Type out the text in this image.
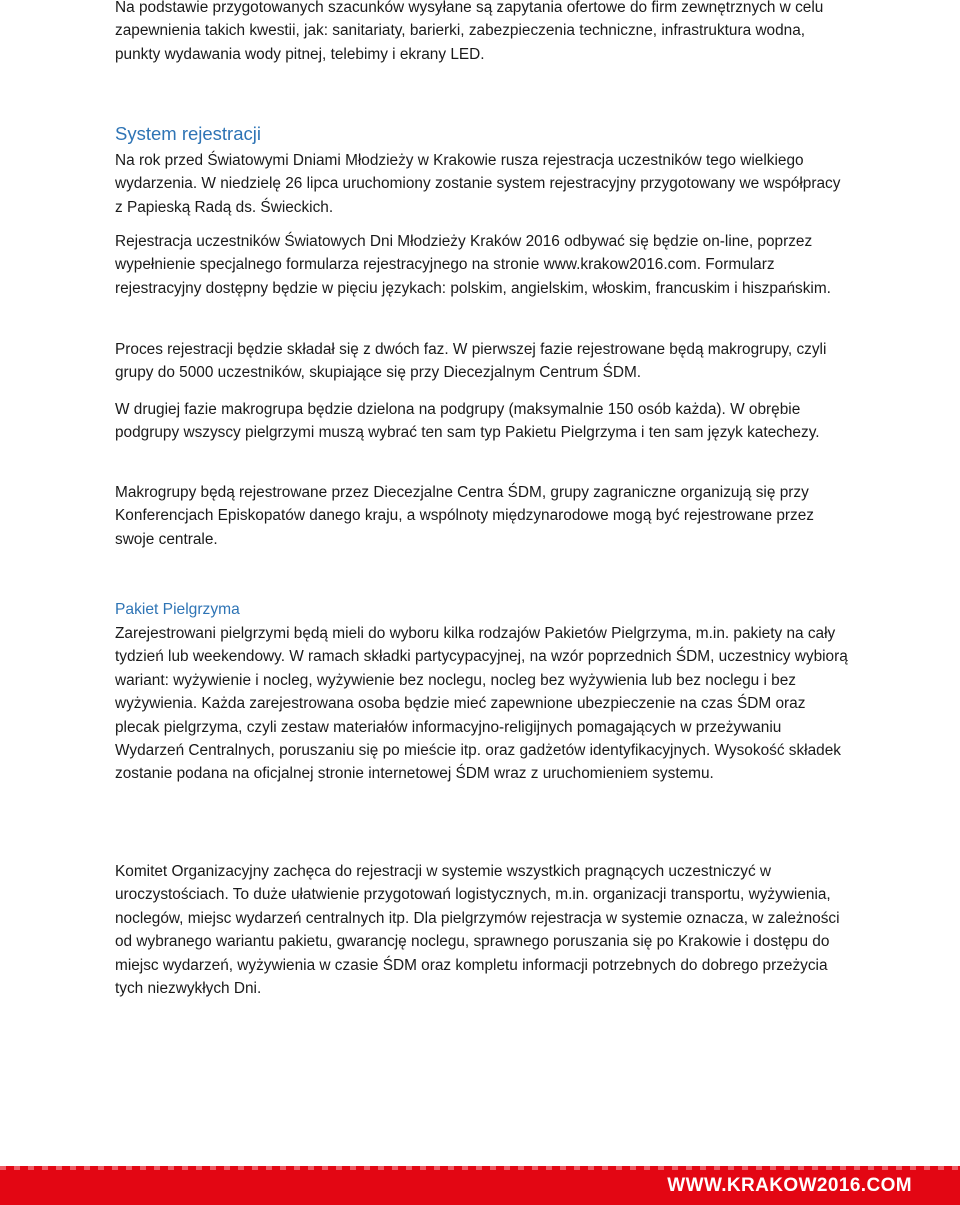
Na podstawie przygotowanych szacunków wysyłane są zapytania ofertowe do firm zewnętrznych w celu zapewnienia takich kwestii, jak: sanitariaty, barierki, zabezpieczenia techniczne, infrastruktura wodna, punkty wydawania wody pitnej, telebimy i ekrany LED.

System rejestracji

Na rok przed Światowymi Dniami Młodzieży w Krakowie rusza rejestracja uczestników tego wielkiego wydarzenia. W niedzielę 26 lipca uruchomiony zostanie system rejestracyjny przygotowany we współpracy z Papieską Radą ds. Świeckich.

Rejestracja uczestników Światowych Dni Młodzieży Kraków 2016 odbywać się będzie on-line, poprzez wypełnienie specjalnego formularza rejestracyjnego na stronie www.krakow2016.com. Formularz rejestracyjny dostępny będzie w pięciu językach: polskim, angielskim, włoskim, francuskim i hiszpańskim.

Proces rejestracji będzie składał się z dwóch faz. W pierwszej fazie rejestrowane będą makrogrupy, czyli grupy do 5000 uczestników, skupiające się przy Diecezjalnym Centrum ŚDM.

W drugiej fazie makrogrupa będzie dzielona na podgrupy (maksymalnie 150 osób każda). W obrębie podgrupy wszyscy pielgrzymi muszą wybrać ten sam typ Pakietu Pielgrzyma i ten sam język katechezy.

Makrogrupy będą rejestrowane przez Diecezjalne Centra ŚDM, grupy zagraniczne organizują się przy Konferencjach Episkopatów danego kraju, a wspólnoty międzynarodowe mogą być rejestrowane przez swoje centrale.

Pakiet Pielgrzyma

Zarejestrowani pielgrzymi będą mieli do wyboru kilka rodzajów Pakietów Pielgrzyma, m.in. pakiety na cały tydzień lub weekendowy. W ramach składki partycypacyjnej, na wzór poprzednich ŚDM, uczestnicy wybiorą wariant: wyżywienie i nocleg, wyżywienie bez noclegu, nocleg bez wyżywienia lub bez noclegu i bez wyżywienia. Każda zarejestrowana osoba będzie mieć zapewnione ubezpieczenie na czas ŚDM oraz plecak pielgrzyma, czyli zestaw materiałów informacyjno-religijnych pomagających w przeżywaniu Wydarzeń Centralnych, poruszaniu się po mieście itp. oraz gadżetów identyfikacyjnych. Wysokość składek zostanie podana na oficjalnej stronie internetowej ŚDM wraz z uruchomieniem systemu.

Komitet Organizacyjny zachęca do rejestracji w systemie wszystkich pragnących uczestniczyć w uroczystościach. To duże ułatwienie przygotowań logistycznych, m.in. organizacji transportu, wyżywienia, noclegów, miejsc wydarzeń centralnych itp. Dla pielgrzymów rejestracja w systemie oznacza, w zależności od wybranego wariantu pakietu, gwarancję noclegu, sprawnego poruszania się po Krakowie i dostępu do miejsc wydarzeń, wyżywienia w czasie ŚDM oraz kompletu informacji potrzebnych do dobrego przeżycia tych niezwykłych Dni.

WWW.KRAKOW2016.COM
